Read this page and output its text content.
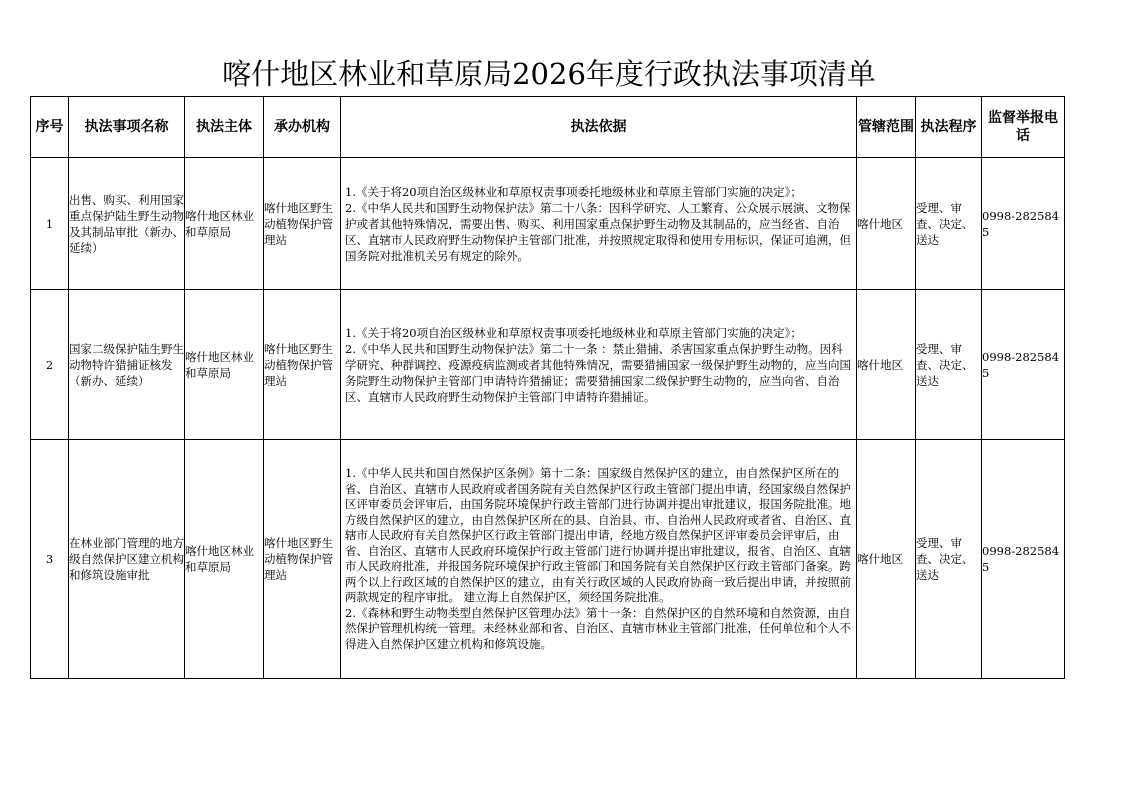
喀什地区林业和草原局2026年度行政执法事项清单
序号	执法事项名称	执法主体	承办机构	执法依据	管辖范围	执法程序	监督举报电话
1	出售、购买、利用国家重点保护陆生野生动物及其制品审批（新办、延续）	喀什地区林业和草原局	喀什地区野生动植物保护管理站	1.《关于将20项自治区级林业和草原权责事项委托地级林业和草原主管部门实施的决定》；
2.《中华人民共和国野生动物保护法》第二十八条：因科学研究、人工繁育、公众展示展演、文物保护或者其他特殊情况，需要出售、购买、利用国家重点保护野生动物及其制品的，应当经省、自治区、直辖市人民政府野生动物保护主管部门批准，并按照规定取得和使用专用标识，保证可追溯，但国务院对批准机关另有规定的除外。	喀什地区	受理、审查、决定、送达	0998-2825845
2	国家二级保护陆生野生动物特许猎捕证核发（新办、延续）	喀什地区林业和草原局	喀什地区野生动植物保护管理站	1.《关于将20项自治区级林业和草原权责事项委托地级林业和草原主管部门实施的决定》；
2.《中华人民共和国野生动物保护法》第二十一条 ：禁止猎捕、杀害国家重点保护野生动物。因科学研究、种群调控、疫源疫病监测或者其他特殊情况，需要猎捕国家一级保护野生动物的，应当向国务院野生动物保护主管部门申请特许猎捕证；需要猎捕国家二级保护野生动物的，应当向省、自治区、直辖市人民政府野生动物保护主管部门申请特许猎捕证。	喀什地区	受理、审查、决定、送达	0998-2825845
3	在林业部门管理的地方级自然保护区建立机构和修筑设施审批	喀什地区林业和草原局	喀什地区野生动植物保护管理站	1.《中华人民共和国自然保护区条例》第十二条：国家级自然保护区的建立，由自然保护区所在的省、自治区、直辖市人民政府或者国务院有关自然保护区行政主管部门提出申请，经国家级自然保护区评审委员会评审后，由国务院环境保护行政主管部门进行协调并提出审批建议，报国务院批准。地方级自然保护区的建立，由自然保护区所在的县、自治县、市、自治州人民政府或者省、自治区、直辖市人民政府有关自然保护区行政主管部门提出申请，经地方级自然保护区评审委员会评审后，由省、自治区、直辖市人民政府环境保护行政主管部门进行协调并提出审批建议，报省、自治区、直辖市人民政府批准，并报国务院环境保护行政主管部门和国务院有关自然保护区行政主管部门备案。跨两个以上行政区域的自然保护区的建立，由有关行政区域的人民政府协商一致后提出申请，并按照前两款规定的程序审批。 建立海上自然保护区，须经国务院批准。
2.《森林和野生动物类型自然保护区管理办法》第十一条：自然保护区的自然环境和自然资源，由自然保护管理机构统一管理。未经林业部和省、自治区、直辖市林业主管部门批准，任何单位和个人不得进入自然保护区建立机构和修筑设施。	喀什地区	受理、审查、决定、送达	0998-2825845
